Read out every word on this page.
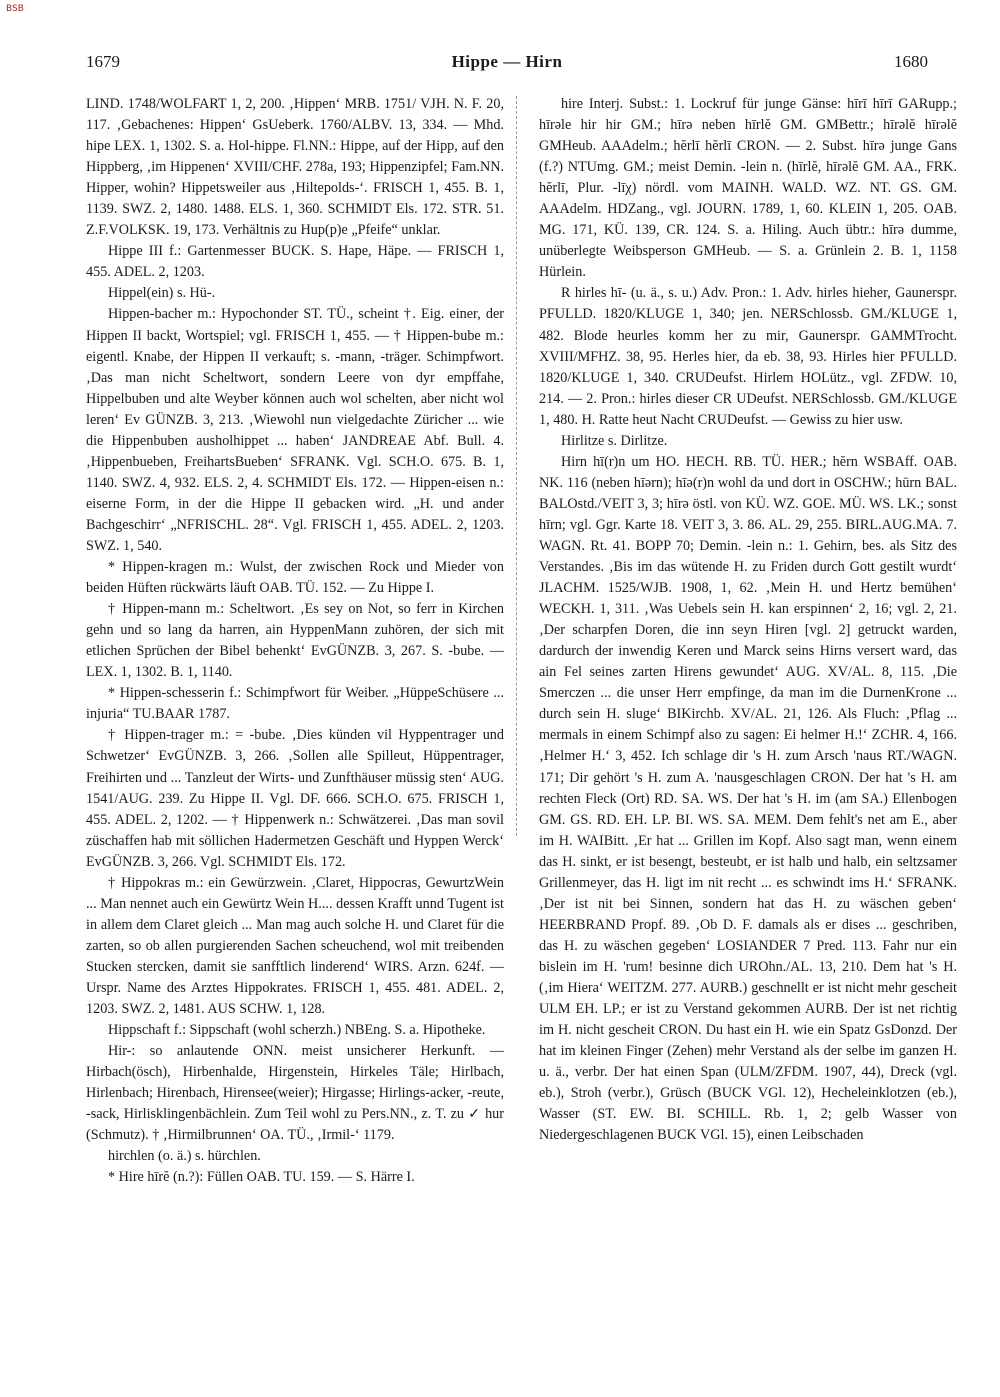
BSB
1679	Hippe — Hirn	1680

LIND. 1748/WOLFART 1, 2, 200. ‚Hippen‘ MRB. 1751/ VJH. N. F. 20, 117. ‚Gebachenes: Hippen‘ GsUeberk. 1760/ALBV. 13, 334. — Mhd. hipe LEX. 1, 1302. S. a. Hol-hippe. Fl.NN.: Hippe, auf der Hipp, auf den Hippberg, ‚im Hippenen‘ XVIII/CHF. 278a, 193; Hippenzipfel; Fam.NN. Hipper, wohin? Hippetsweiler aus ‚Hiltepolds-‘. FRISCH 1, 455. B. 1, 1139. SWZ. 2, 1480. 1488. ELS. 1, 360. SCHMIDT Els. 172. STR. 51. Z.F.VOLKSK. 19, 173. Verhältnis zu Hup(p)e „Pfeife“ unklar.

Hippe III f.: Gartenmesser BUCK. S. Hape, Häpe. — FRISCH 1, 455. ADEL. 2, 1203.

Hippel(ein) s. Hü-.

Hippen-bacher m.: Hypochonder ST. TÜ., scheint †. Eig. einer, der Hippen II backt, Wortspiel; vgl. FRISCH 1, 455. — † Hippen-bube m.: eigentl. Knabe, der Hippen II verkauft; s. -mann, -träger. Schimpfwort. ‚Das man nicht Scheltwort, sondern Leere von dyr empffahe, Hippelbuben und alte Weyber können auch wol schelten, aber nicht wol leren‘ Ev GÜNZB. 3, 213. ‚Wiewohl nun vielgedachte Züricher ... wie die Hippenbuben ausholhippet ... haben‘ JANDREAE Abf. Bull. 4. ‚Hippenbueben, FreihartsBueben‘ SFRANK. Vgl. SCH.O. 675. B. 1, 1140. SWZ. 4, 932. ELS. 2, 4. SCHMIDT Els. 172. — Hippen-eisen n.: eiserne Form, in der die Hippe II gebacken wird. „H. und ander Bachgeschirr‘ „NFRISCHL. 28“. Vgl. FRISCH 1, 455. ADEL. 2, 1203. SWZ. 1, 540.

* Hippen-kragen m.: Wulst, der zwischen Rock und Mieder von beiden Hüften rückwärts läuft OAB. TÜ. 152. — Zu Hippe I.

† Hippen-mann m.: Scheltwort. ‚Es sey on Not, so ferr in Kirchen gehn und so lang da harren, ain HyppenMann zuhören, der sich mit etlichen Sprüchen der Bibel behenkt‘ EvGÜNZB. 3, 267. S. -bube. — LEX. 1, 1302. B. 1, 1140.

* Hippen-schesserin f.: Schimpfwort für Weiber. „HüppeSchüsere ... injuria“ TU.BAAR 1787.

† Hippen-trager m.: = -bube. ‚Dies künden vil Hyppentrager und Schwetzer‘ EvGÜNZB. 3, 266. ‚Sollen alle Spilleut, Hüppentrager, Freihirten und ... Tanzleut der Wirts- und Zunfthäuser müssig sten‘ AUG. 1541/AUG. 239. Zu Hippe II. Vgl. DF. 666. SCH.O. 675. FRISCH 1, 455. ADEL. 2, 1202. — † Hippenwerk n.: Schwätzerei. ‚Das man sovil züschaffen hab mit söllichen Hadermetzen Geschäft und Hyppen Werck‘ EvGÜNZB. 3, 266. Vgl. SCHMIDT Els. 172.

† Hippokras m.: ein Gewürzwein. ‚Claret, Hippocras, GewurtzWein ... Man nennet auch ein Gewürtz Wein H.... dessen Krafft unnd Tugent ist in allem dem Claret gleich ... Man mag auch solche H. und Claret für die zarten, so ob allen purgierenden Sachen scheuchend, wol mit treibenden Stucken stercken, damit sie sanfftlich linderend‘ WIRS. Arzn. 624f. — Urspr. Name des Arztes Hippokrates. FRISCH 1, 455. 481. ADEL. 2, 1203. SWZ. 2, 1481. AUS SCHW. 1, 128.

Hippschaft f.: Sippschaft (wohl scherzh.) NBEng. S. a. Hipotheke.

Hir-: so anlautende ONN. meist unsicherer Herkunft. — Hirbach(ösch), Hirbenhalde, Hirgenstein, Hirkeles Täle; Hirlbach, Hirlenbach; Hirenbach, Hirensee(weier); Hirgasse; Hirlings-acker, -reute, -sack, Hirlisklingenbächlein. Zum Teil wohl zu Pers.NN., z. T. zu ✓ hur (Schmutz). † ‚Hirmilbrunnen‘ OA. TÜ., ‚Irmil-‘ 1179.

hirchlen (o. ä.) s. hürchlen.

* Hire hīrĕ (n.?): Füllen OAB. TU. 159. — S. Härre I.

hire Interj. Subst.: 1. Lockruf für junge Gänse: hīrī hīrī GARupp.; hīrəle hir hir GM.; hīrə neben hīrlĕ GM. GMBettr.; hīrəlĕ hīrəlĕ GMHeub. AAAdelm.; hĕrlī hĕrlī CRON. — 2. Subst. hīrə junge Gans (f.?) NTUmg. GM.; meist Demin. -lein n. (hīrlĕ, hīrəlĕ GM. AA., FRK. hĕrlī, Plur. -līχ) nördl. vom MAINH. WALD. WZ. NT. GS. GM. AAAdelm. HDZang., vgl. JOURN. 1789, 1, 60. KLEIN 1, 205. OAB. MG. 171, KÜ. 139, CR. 124. S. a. Hiling. Auch übtr.: hīrə dumme, unüberlegte Weibsperson GMHeub. — S. a. Grünlein 2. B. 1, 1158 Hürlein.

R hirles hī- (u. ä., s. u.) Adv. Pron.: 1. Adv. hirles hieher, Gaunerspr. PFULLD. 1820/KLUGE 1, 340; jen. NERSchlossb. GM./KLUGE 1, 482. Blode heurles komm her zu mir, Gaunerspr. GAMMTrocht. XVIII/MFHZ. 38, 95. Herles hier, da eb. 38, 93. Hirles hier PFULLD. 1820/KLUGE 1, 340. CRUDeufst. Hirlem HOLütz., vgl. ZFDW. 10, 214. — 2. Pron.: hirles dieser CR UDeufst. NERSchlossb. GM./KLUGE 1, 480. H. Ratte heut Nacht CRUDeufst. — Gewiss zu hier usw.

Hirlitze s. Dirlitze.

Hirn hī(r)n um HO. HECH. RB. TÜ. HER.; hĕrn WSBAff. OAB. NK. 116 (neben hīərn); hīə(r)n wohl da und dort in OSCHW.; hūrn BAL. BALOstd./VEIT 3, 3; hīrə östl. von KÜ. WZ. GOE. MÜ. WS. LK.; sonst hīrn; vgl. Ggr. Karte 18. VEIT 3, 3. 86. AL. 29, 255. BIRL.AUG.MA. 7. WAGN. Rt. 41. BOPP 70; Demin. -lein n.: 1. Gehirn, bes. als Sitz des Verstandes. ‚Bis im das wütende H. zu Friden durch Gott gestilt wurdt‘ JLACHM. 1525/WJB. 1908, 1, 62. ‚Mein H. und Hertz bemühen‘ WECKH. 1, 311. ‚Was Uebels sein H. kan erspinnen‘ 2, 16; vgl. 2, 21. ‚Der scharpfen Doren, die inn seyn Hiren [vgl. 2] getruckt warden, dardurch der inwendig Keren und Marck seins Hirns versert ward, das ain Fel seines zarten Hirens gewundet‘ AUG. XV/AL. 8, 115. ‚Die Smerczen ... die unser Herr empfinge, da man im die DurnenKrone ... durch sein H. sluge‘ BIKirchb. XV/AL. 21, 126. Als Fluch: ‚Pflag ... mermals in einem Schimpf also zu sagen: Ei helmer H.!‘ ZCHR. 4, 166. ‚Helmer H.‘ 3, 452. Ich schlage dir 's H. zum Arsch 'naus RT./WAGN. 171; Dir gehört 's H. zum A. 'nausgeschlagen CRON. Der hat 's H. am rechten Fleck (Ort) RD. SA. WS. Der hat 's H. im (am SA.) Ellenbogen GM. GS. RD. EH. LP. BI. WS. SA. MEM. Dem fehlt's net am E., aber im H. WAIBitt. ‚Er hat ... Grillen im Kopf. Also sagt man, wenn einem das H. sinkt, er ist besengt, besteubt, er ist halb und halb, ein seltzsamer Grillenmeyer, das H. ligt im nit recht ... es schwindt ims H.‘ SFRANK. ‚Der ist nit bei Sinnen, sondern hat das H. zu wäschen geben‘ HEERBRAND Propf. 89. ‚Ob D. F. damals als er dises ... geschriben, das H. zu wäschen gegeben‘ LOSIANDER 7 Pred. 113. Fahr nur ein bislein im H. 'rum! besinne dich UROhn./AL. 13, 210. Dem hat 's H. (‚im Hiera‘ WEITZM. 277. AURB.) geschnellt er ist nicht mehr gescheit ULM EH. LP.; er ist zu Verstand gekommen AURB. Der ist net richtig im H. nicht gescheit CRON. Du hast ein H. wie ein Spatz GsDonzd. Der hat im kleinen Finger (Zehen) mehr Verstand als der selbe im ganzen H. u. ä., verbr. Der hat einen Span (ULM/ZFDM. 1907, 44), Dreck (vgl. eb.), Stroh (verbr.), Grüsch (BUCK VGl. 12), Hecheleinklotzen (eb.), Wasser (ST. EW. BI. SCHILL. Rb. 1, 2; gelb Wasser von Niedergeschlagenen BUCK VGl. 15), einen Leibschaden
